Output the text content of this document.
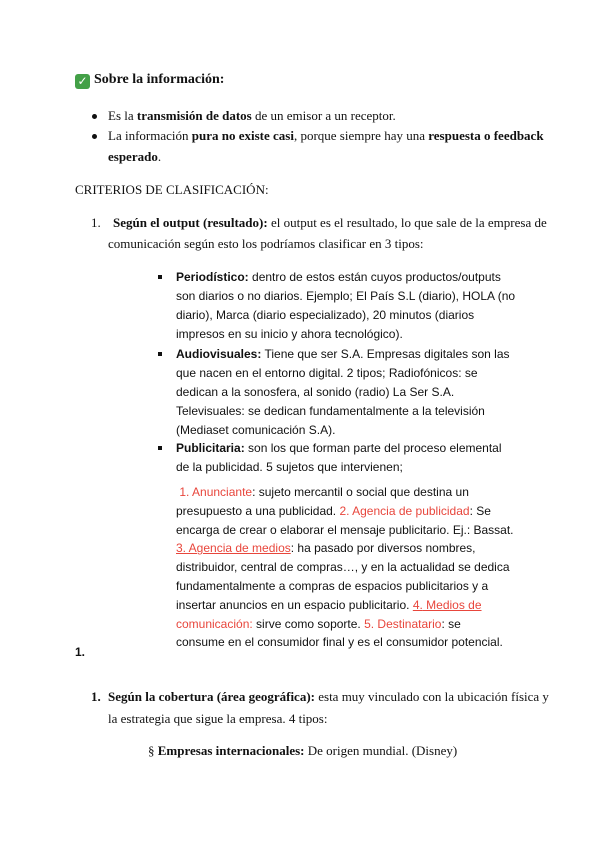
✓ Sobre la información:
Es la transmisión de datos de un emisor a un receptor.
La información pura no existe casi, porque siempre hay una respuesta o feedback
esperado.
CRITERIOS DE CLASIFICACIÓN:
1. Según el output (resultado): el output es el resultado, lo que sale de la empresa de
comunicación según esto los podríamos clasificar en 3 tipos:
Periodístico: dentro de estos están cuyos productos/outputs
son diarios o no diarios. Ejemplo; El País S.L (diario), HOLA (no
diario), Marca (diario especializado), 20 minutos (diarios
impresos en su inicio y ahora tecnológico).
Audiovisuales: Tiene que ser S.A. Empresas digitales son las
que nacen en el entorno digital. 2 tipos; Radiofónicos: se
dedican a la sonosfera, al sonido (radio) La Ser S.A.
Televisuales: se dedican fundamentalmente a la televisión
(Mediaset comunicación S.A).
Publicitaria: son los que forman parte del proceso elemental
de la publicidad. 5 sujetos que intervienen;
1. Anunciante: sujeto mercantil o social que destina un
presupuesto a una publicidad. 2. Agencia de publicidad: Se
encarga de crear o elaborar el mensaje publicitario. Ej.: Bassat.
3. Agencia de medios: ha pasado por diversos nombres,
distribuidor, central de compras…, y en la actualidad se dedica
fundamentalmente a compras de espacios publicitarios y a
insertar anuncios en un espacio publicitario. 4. Medios de
comunicación: sirve como soporte. 5. Destinatario: se
consume en el consumidor final y es el consumidor potencial.
1.
1. Según la cobertura (área geográfica): esta muy vinculado con la ubicación física y
la estrategia que sigue la empresa. 4 tipos:
§ Empresas internacionales: De origen mundial. (Disney)
